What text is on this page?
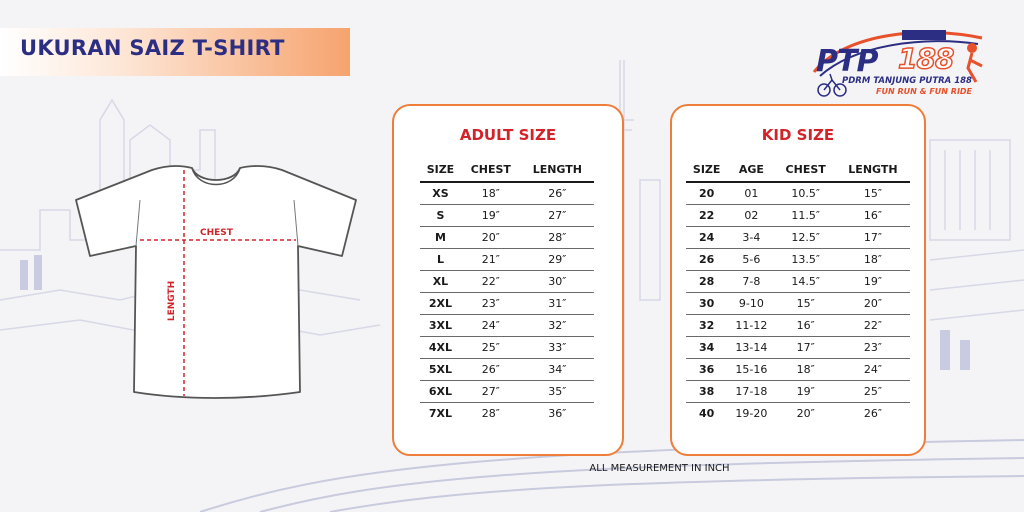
UKURAN SAIZ T-SHIRT	PTP 188
PDRM TANJUNG PUTRA 188
FUN RUN & FUN RIDE
CHEST
LENGTH
ADULT SIZE
SIZE	CHEST	LENGTH
XS	18″	26″
S	19″	27″
M	20″	28″
L	21″	29″
XL	22″	30″
2XL	23″	31″
3XL	24″	32″
4XL	25″	33″
5XL	26″	34″
6XL	27″	35″
7XL	28″	36″
KID SIZE
SIZE	AGE	CHEST	LENGTH
20	01	10.5″	15″
22	02	11.5″	16″
24	3-4	12.5″	17″
26	5-6	13.5″	18″
28	7-8	14.5″	19″
30	9-10	15″	20″
32	11-12	16″	22″
34	13-14	17″	23″
36	15-16	18″	24″
38	17-18	19″	25″
40	19-20	20″	26″
ALL MEASUREMENT IN INCH
